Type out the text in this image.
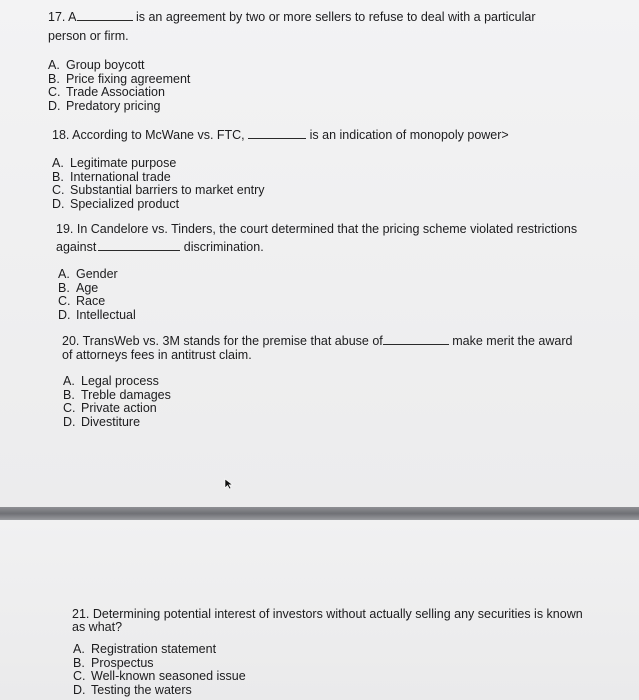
17. A	is an agreement by two or more sellers to refuse to deal with a particular
person or firm.
A. Group boycott
B. Price fixing agreement
C. Trade Association
D. Predatory pricing
18. According to McWane vs. FTC,	is an indication of monopoly power>
A. Legitimate purpose
B. International trade
C. Substantial barriers to market entry
D. Specialized product
19. In Candelore vs. Tinders, the court determined that the pricing scheme violated restrictions
against	discrimination.
A. Gender
B. Age
C. Race
D. Intellectual
20. TransWeb vs. 3M stands for the premise that abuse of	make merit the award
of attorneys fees in antitrust claim.
A. Legal process
B. Treble damages
C. Private action
D. Divestiture
21. Determining potential interest of investors without actually selling any securities is known
as what?
A. Registration statement
B. Prospectus
C. Well-known seasoned issue
D. Testing the waters
